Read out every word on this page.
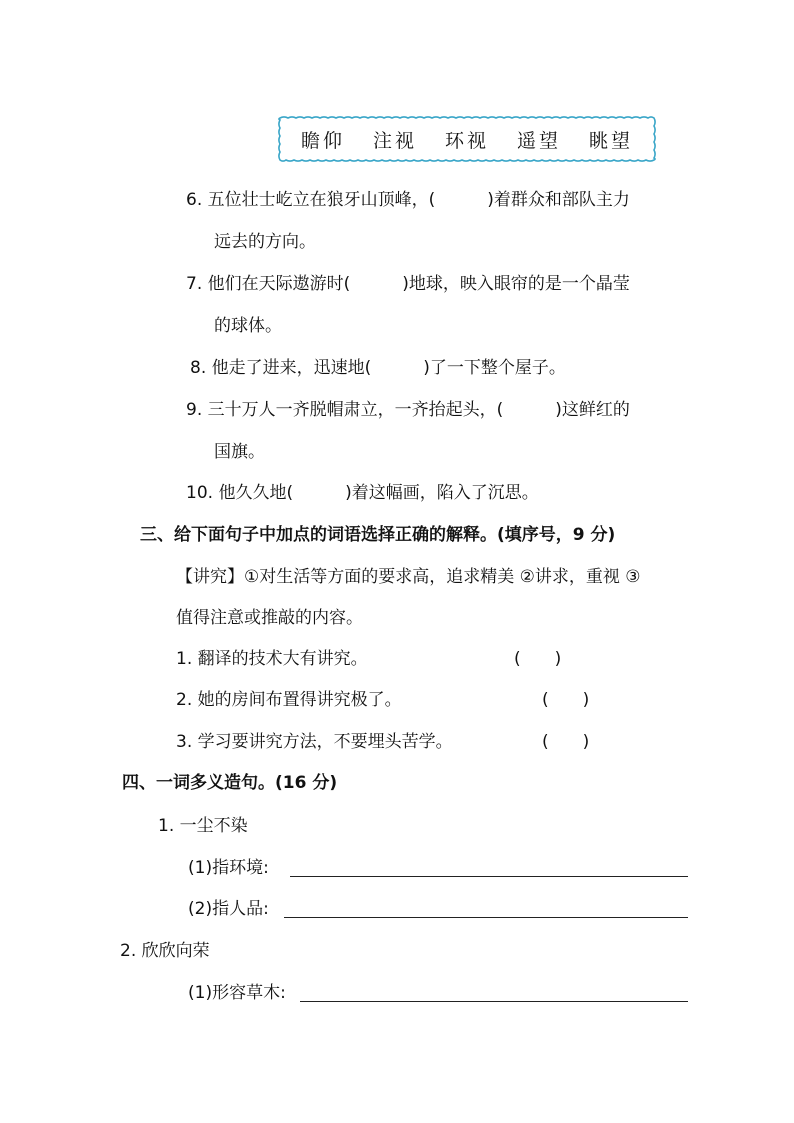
瞻仰 注视 环视 遥望 眺望
6. 五位壮士屹立在狼牙山顶峰，(	)着群众和部队主力
远去的方向。
7. 他们在天际遨游时(	)地球，映入眼帘的是一个晶莹
的球体。
8. 他走了进来，迅速地(	)了一下整个屋子。
9. 三十万人一齐脱帽肃立，一齐抬起头，(	)这鲜红的
国旗。
10. 他久久地(	)着这幅画，陷入了沉思。
三、给下面句子中加点的词语选择正确的解释。(填序号，9 分)
【讲究】①对生活等方面的要求高，追求精美 ②讲求，重视 ③
值得注意或推敲的内容。
1. 翻译的技术大有讲究。	(　　)
2. 她的房间布置得讲究极了。	(　　)
3. 学习要讲究方法，不要埋头苦学。	(　　)
四、一词多义造句。(16 分)
1. 一尘不染
(1)指环境:
(2)指人品:
2. 欣欣向荣
(1)形容草木:
